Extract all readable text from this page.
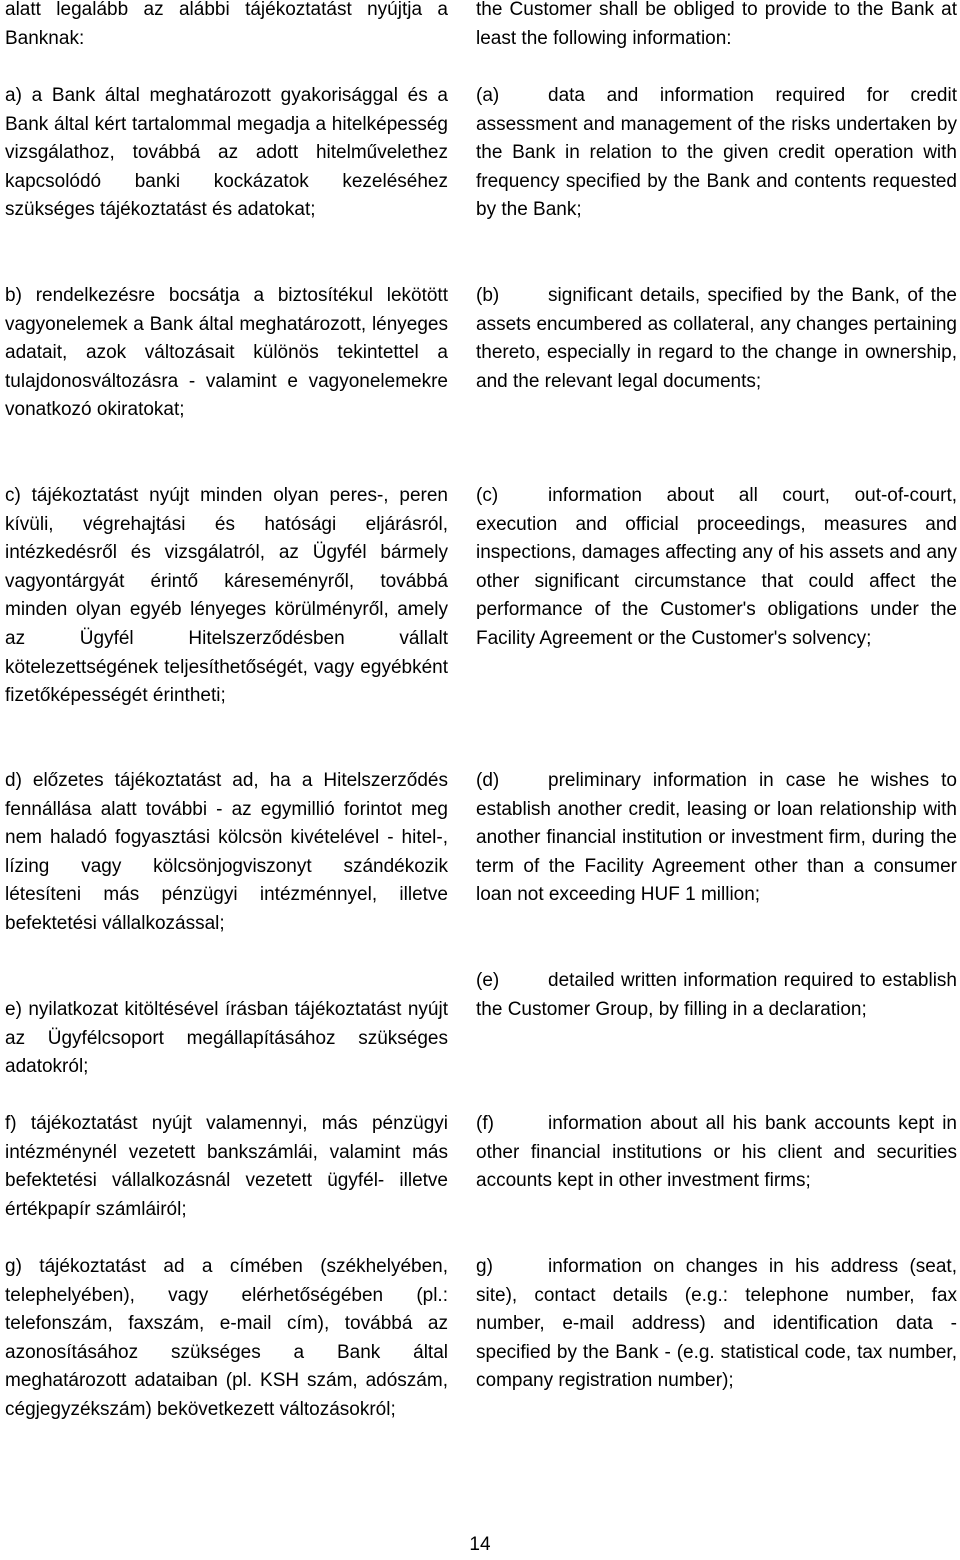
alatt legalább az alábbi tájékoztatást nyújtja a Banknak:

a) a Bank által meghatározott gyakorisággal és a Bank által kért tartalommal megadja a hitelképesség vizsgálathoz, továbbá az adott hitelművelethez kapcsolódó banki kockázatok kezeléséhez szükséges tájékoztatást és adatokat;

b) rendelkezésre bocsátja a biztosítékul lekötött vagyonelemek a Bank által meghatározott, lényeges adatait, azok változásait különös tekintettel a tulajdonosváltozásra - valamint e vagyonelemekre vonatkozó okiratokat;

c) tájékoztatást nyújt minden olyan peres-, peren kívüli, végrehajtási és hatósági eljárásról, intézkedésről és vizsgálatról, az Ügyfél bármely vagyontárgyát érintő káreseményről, továbbá minden olyan egyéb lényeges körülményről, amely az Ügyfél Hitelszerződésben vállalt kötelezettségének teljesíthetőségét, vagy egyébként fizetőképességét érintheti;

d) előzetes tájékoztatást ad, ha a Hitelszerződés fennállása alatt további - az egymillió forintot meg nem haladó fogyasztási kölcsön kivételével - hitel-, lízing vagy kölcsönjogviszonyt szándékozik létesíteni más pénzügyi intézménnyel, illetve befektetési vállalkozással;

e) nyilatkozat kitöltésével írásban tájékoztatást nyújt az Ügyfélcsoport megállapításához szükséges adatokról;

f) tájékoztatást nyújt valamennyi, más pénzügyi intézménynél vezetett bankszámlái, valamint más befektetési vállalkozásnál vezetett ügyfél- illetve értékpapír számláiról;

g) tájékoztatást ad a címében (székhelyében, telephelyében), vagy elérhetőségében (pl.: telefonszám, faxszám, e-mail cím), továbbá az azonosításához szükséges a Bank által meghatározott adataiban (pl. KSH szám, adószám, cégjegyzékszám) bekövetkezett változásokról;

the Customer shall be obliged to provide to the Bank at least the following information:

(a)	data and information required for credit assessment and management of the risks undertaken by the Bank in relation to the given credit operation with frequency specified by the Bank and contents requested by the Bank;

(b)	significant details, specified by the Bank, of the assets encumbered as collateral, any changes pertaining thereto, especially in regard to the change in ownership, and the relevant legal documents;

(c)	information about all court, out-of-court, execution and official proceedings, measures and inspections, damages affecting any of his assets and any other significant circumstance that could affect the performance of the Customer's obligations under the Facility Agreement or the Customer's solvency;

(d)	preliminary information in case he wishes to establish another credit, leasing or loan relationship with another financial institution or investment firm, during the term of the Facility Agreement other than a consumer loan not exceeding HUF 1 million;

(e)	detailed written information required to establish the Customer Group, by filling in a declaration;

(f)	information about all his bank accounts kept in other financial institutions or his client and securities accounts kept in other investment firms;

g)	information on changes in his address (seat, site), contact details (e.g.: telephone number, fax number, e-mail address) and identification data - specified by the Bank - (e.g. statistical code, tax number, company registration number);

14
